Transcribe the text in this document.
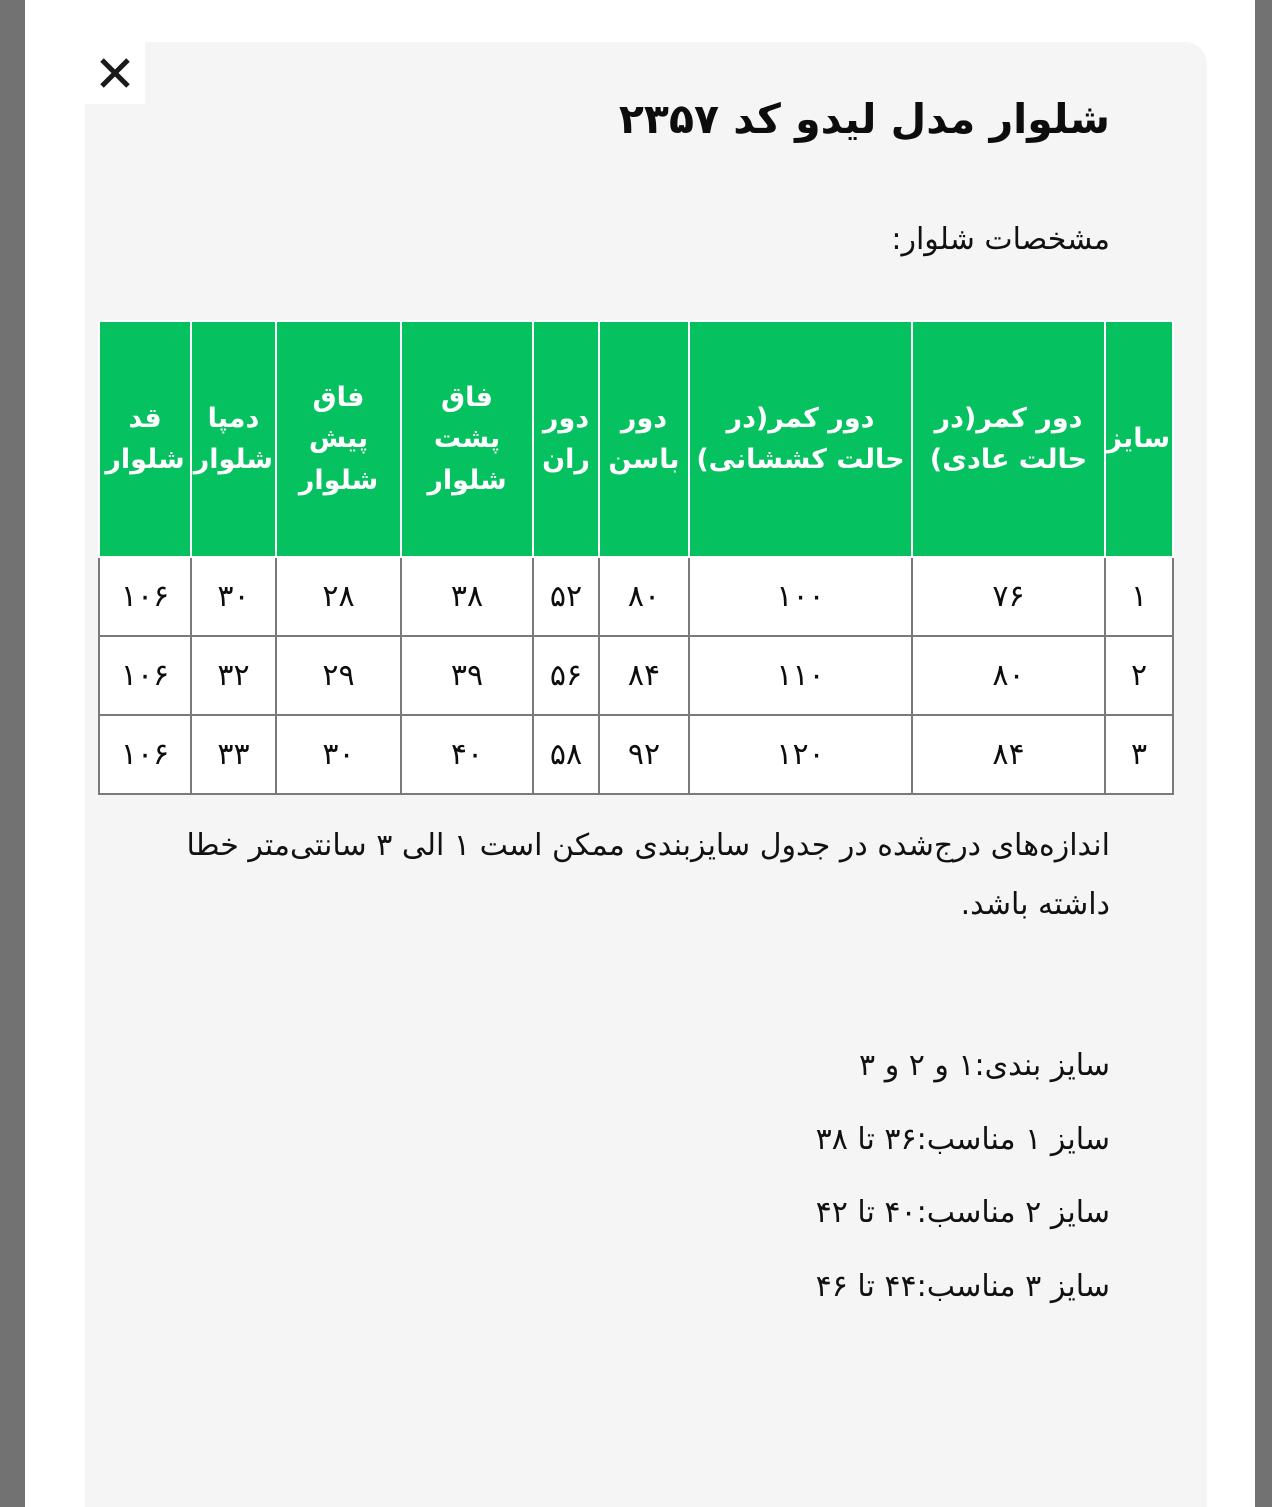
شلوار مدل لیدو کد ۲۳۵۷

مشخصات شلوار:

سایز	دور کمر(در حالت عادی)	دور کمر(در حالت کششانی)	دور باسن	دور ران	فاق پشت شلوار	فاق پیش شلوار	دمپا شلوار	قد شلوار
۱	۷۶	۱۰۰	۸۰	۵۲	۳۸	۲۸	۳۰	۱۰۶
۲	۸۰	۱۱۰	۸۴	۵۶	۳۹	۲۹	۳۲	۱۰۶
۳	۸۴	۱۲۰	۹۲	۵۸	۴۰	۳۰	۳۳	۱۰۶

اندازه‌های درج‌شده در جدول سایزبندی ممکن است ۱ الی ۳ سانتی‌متر خطا داشته باشد.

سایز بندی:۱ و ۲ و ۳
سایز ۱ مناسب:۳۶ تا ۳۸
سایز ۲ مناسب:۴۰ تا ۴۲
سایز ۳ مناسب:۴۴ تا ۴۶
